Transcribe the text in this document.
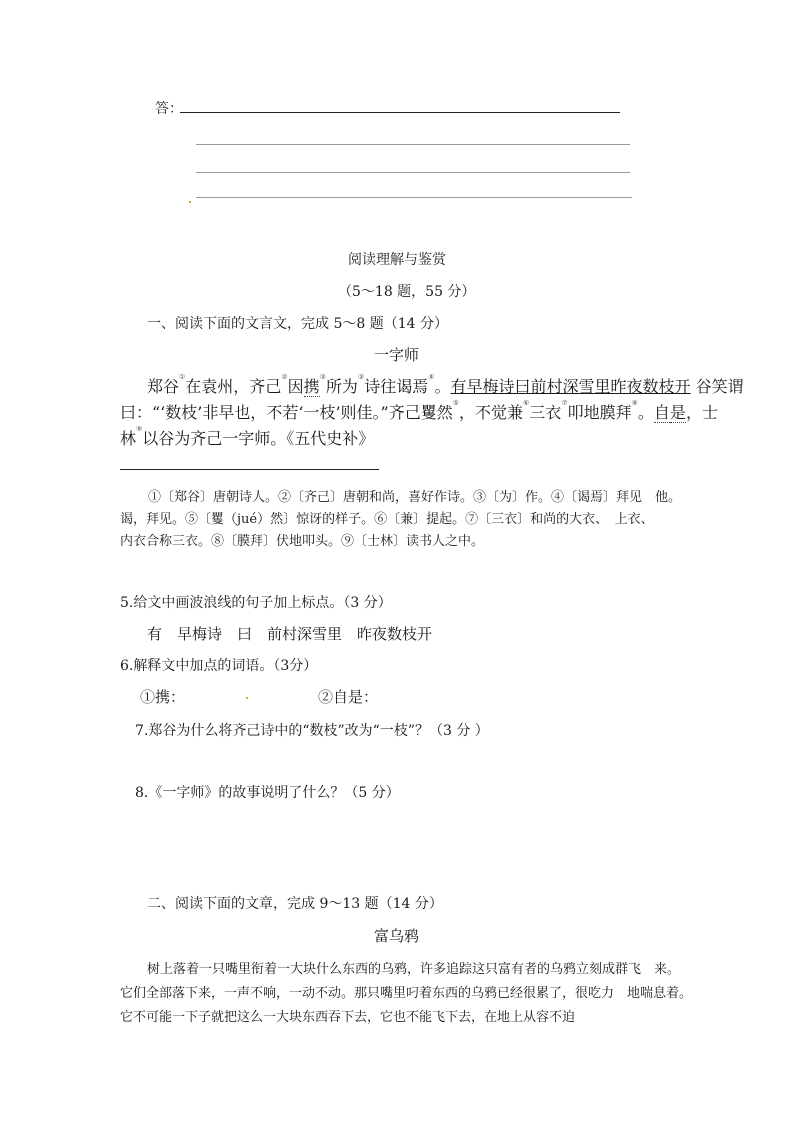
答：
阅读理解与鉴赏
（5～18 题，55 分）
一、阅读下面的文言文，完成 5～8 题（14 分）
一字师
郑谷①在袁州，齐己②因携③所为③诗往谒焉④。有早梅诗曰前村深雪里昨夜数枝开 谷笑谓
曰：“‘数枝’非早也，不若‘一枝’则佳。”齐己矍然⑤，不觉兼⑥三衣⑦叩地膜拜⑧。自是，士
林⑨以谷为齐己一字师。《五代史补》
①〔郑谷〕唐朝诗人。②〔齐己〕唐朝和尚，喜好作诗。③〔为〕作。④〔谒焉〕拜见　他。
谒，拜见。⑤〔矍（jué）然〕惊讶的样子。⑥〔兼〕提起。⑦〔三衣〕和尚的大衣、　上衣、
内衣合称三衣。⑧〔膜拜〕伏地叩头。⑨〔士林〕读书人之中。
5.给文中画波浪线的句子加上标点。（3 分）
有　早梅诗　曰　前村深雪里　昨夜数枝开
6.解释文中加点的词语。（3分）
①携：	②自是：
7.郑谷为什么将齐己诗中的“数枝”改为“一枝”？（3 分 ）
8.《一字师》的故事说明了什么？（5 分）
二、阅读下面的文章，完成 9～13 题（14 分）
富乌鸦
树上落着一只嘴里衔着一大块什么东西的乌鸦，许多追踪这只富有者的乌鸦立刻成群飞　来。
它们全部落下来，一声不响，一动不动。那只嘴里叼着东西的乌鸦已经很累了，很吃力　地喘息着。
它不可能一下子就把这么一大块东西吞下去，它也不能飞下去，在地上从容不迫
